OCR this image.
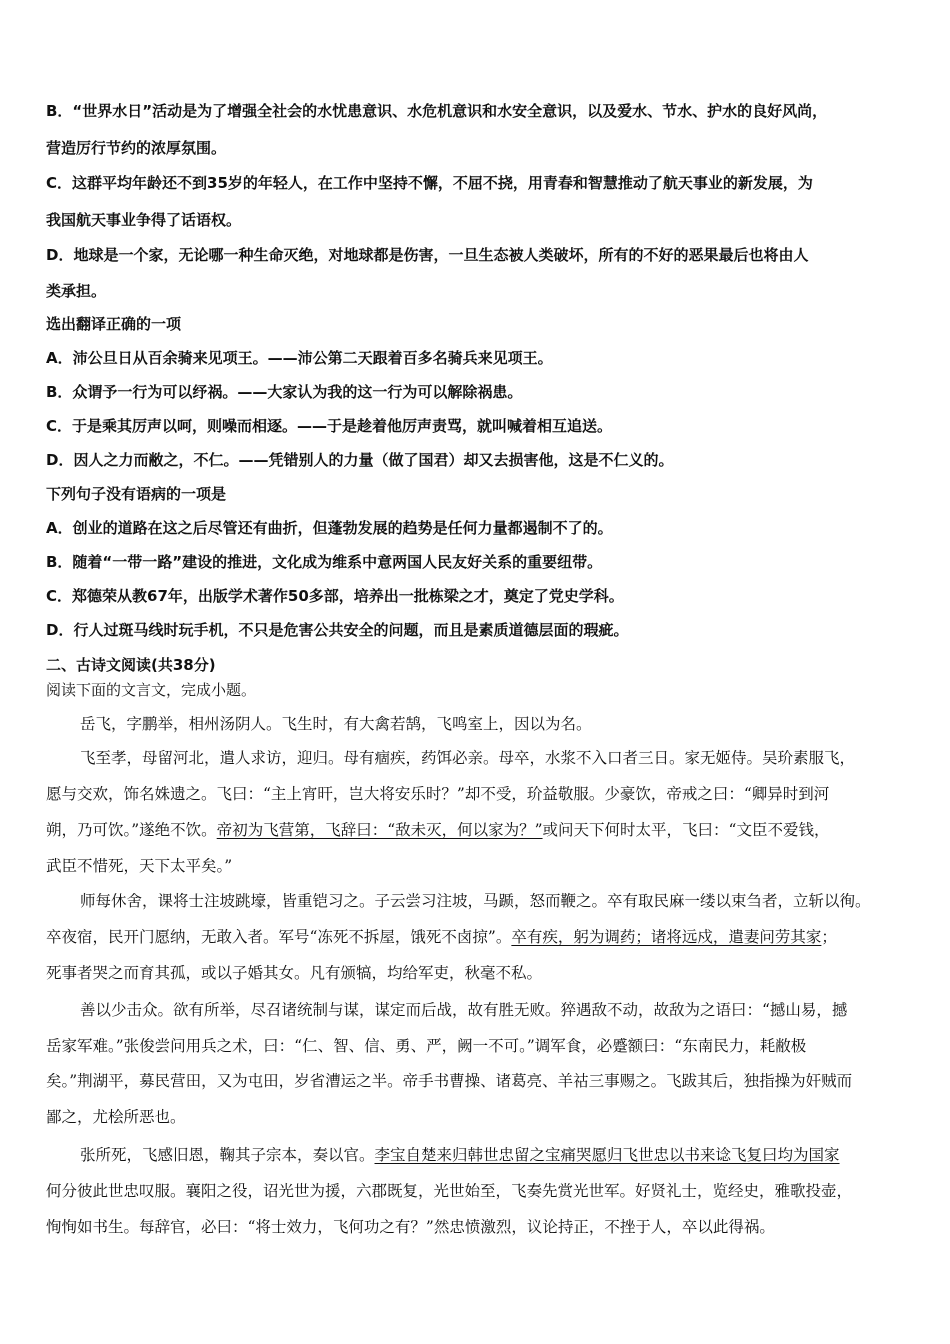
B．“世界水日”活动是为了增强全社会的水忧患意识、水危机意识和水安全意识，以及爱水、节水、护水的良好风尚，
营造厉行节约的浓厚氛围。
C．这群平均年龄还不到35岁的年轻人，在工作中坚持不懈，不屈不挠，用青春和智慧推动了航天事业的新发展，为
我国航天事业争得了话语权。
D．地球是一个家，无论哪一种生命灭绝，对地球都是伤害，一旦生态被人类破坏，所有的不好的恶果最后也将由人
类承担。
选出翻译正确的一项
A．沛公旦日从百余骑来见项王。——沛公第二天跟着百多名骑兵来见项王。
B．众谓予一行为可以纾祸。——大家认为我的这一行为可以解除祸患。
C．于是乘其厉声以呵，则噪而相逐。——于是趁着他厉声责骂，就叫喊着相互追送。
D．因人之力而敝之，不仁。——凭错别人的力量（做了国君）却又去损害他，这是不仁义的。
下列句子没有语病的一项是
A．创业的道路在这之后尽管还有曲折，但蓬勃发展的趋势是任何力量都遏制不了的。
B．随着“一带一路”建设的推进，文化成为维系中意两国人民友好关系的重要纽带。
C．郑德荣从教67年，出版学术著作50多部，培养出一批栋梁之才，奠定了党史学科。
D．行人过斑马线时玩手机，不只是危害公共安全的问题，而且是素质道德层面的瑕疵。
二、古诗文阅读(共38分)
阅读下面的文言文，完成小题。
岳飞，字鹏举，相州汤阴人。飞生时，有大禽若鹄，飞鸣室上，因以为名。
飞至孝，母留河北，遣人求访，迎归。母有痼疾，药饵必亲。母卒，水浆不入口者三日。家无姬侍。吴玠素服飞，
愿与交欢，饰名姝遗之。飞曰：“主上宵旰，岂大将安乐时？”却不受，玠益敬服。少豪饮，帝戒之曰：“卿异时到河
朔，乃可饮。”遂绝不饮。帝初为飞营第，飞辞曰：“敌未灭，何以家为？”或问天下何时太平，飞曰：“文臣不爱钱，
武臣不惜死，天下太平矣。”
师每休舍，课将士注坡跳壕，皆重铠习之。子云尝习注坡，马踬，怒而鞭之。卒有取民麻一缕以束刍者，立斩以徇。
卒夜宿，民开门愿纳，无敢入者。军号“冻死不拆屋，饿死不卤掠”。卒有疾，躬为调药；诸将远戍，遣妻问劳其家；
死事者哭之而育其孤，或以子婚其女。凡有颁犒，均给军吏，秋毫不私。
善以少击众。欲有所举，尽召诸统制与谋，谋定而后战，故有胜无败。猝遇敌不动，故敌为之语曰：“撼山易，撼
岳家军难。”张俊尝问用兵之术，曰：“仁、智、信、勇、严，阙一不可。”调军食，必蹙额曰：“东南民力，耗敝极
矣。”荆湖平，募民营田，又为屯田，岁省漕运之半。帝手书曹操、诸葛亮、羊祜三事赐之。飞跋其后，独指操为奸贼而
鄙之，尤桧所恶也。
张所死，飞感旧恩，鞠其子宗本，奏以官。李宝自楚来归韩世忠留之宝痛哭愿归飞世忠以书来谂飞复曰均为国家
何分彼此世忠叹服。襄阳之役，诏光世为援，六郡既复，光世始至，飞奏先赏光世军。好贤礼士，览经史，雅歌投壶，
恂恂如书生。每辞官，必曰：“将士效力，飞何功之有？”然忠愤激烈，议论持正，不挫于人，卒以此得祸。
